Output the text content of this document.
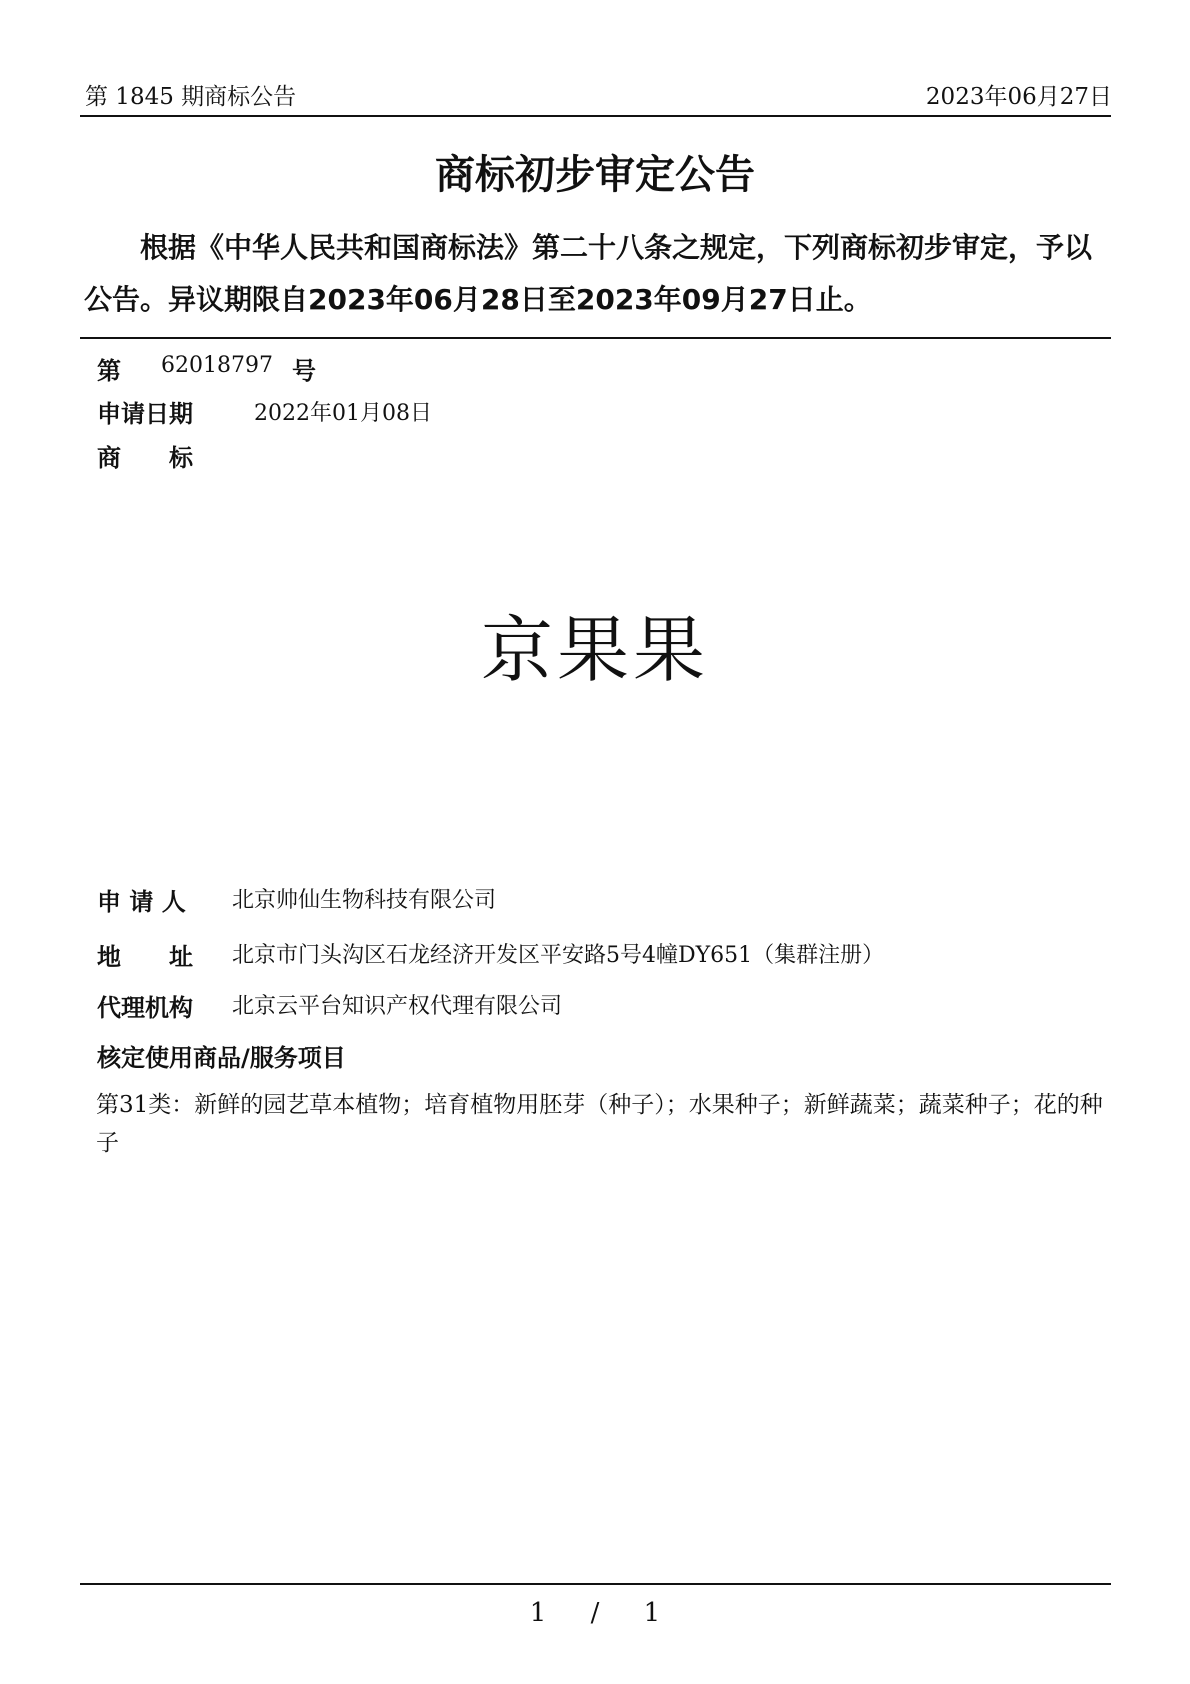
第 1845 期商标公告	2023年06月27日
商标初步审定公告
根据《中华人民共和国商标法》第二十八条之规定，下列商标初步审定，予以公告。异议期限自2023年06月28日至2023年09月27日止。
第 62018797 号
申请日期	2022年01月08日
商　　标
京果果
申 请 人 北京帅仙生物科技有限公司
地　　址 北京市门头沟区石龙经济开发区平安路5号4幢DY651（集群注册）
代理机构 北京云平台知识产权代理有限公司
核定使用商品/服务项目
第31类：新鲜的园艺草本植物；培育植物用胚芽（种子）；水果种子；新鲜蔬菜；蔬菜种子；花的种子
1 / 1
